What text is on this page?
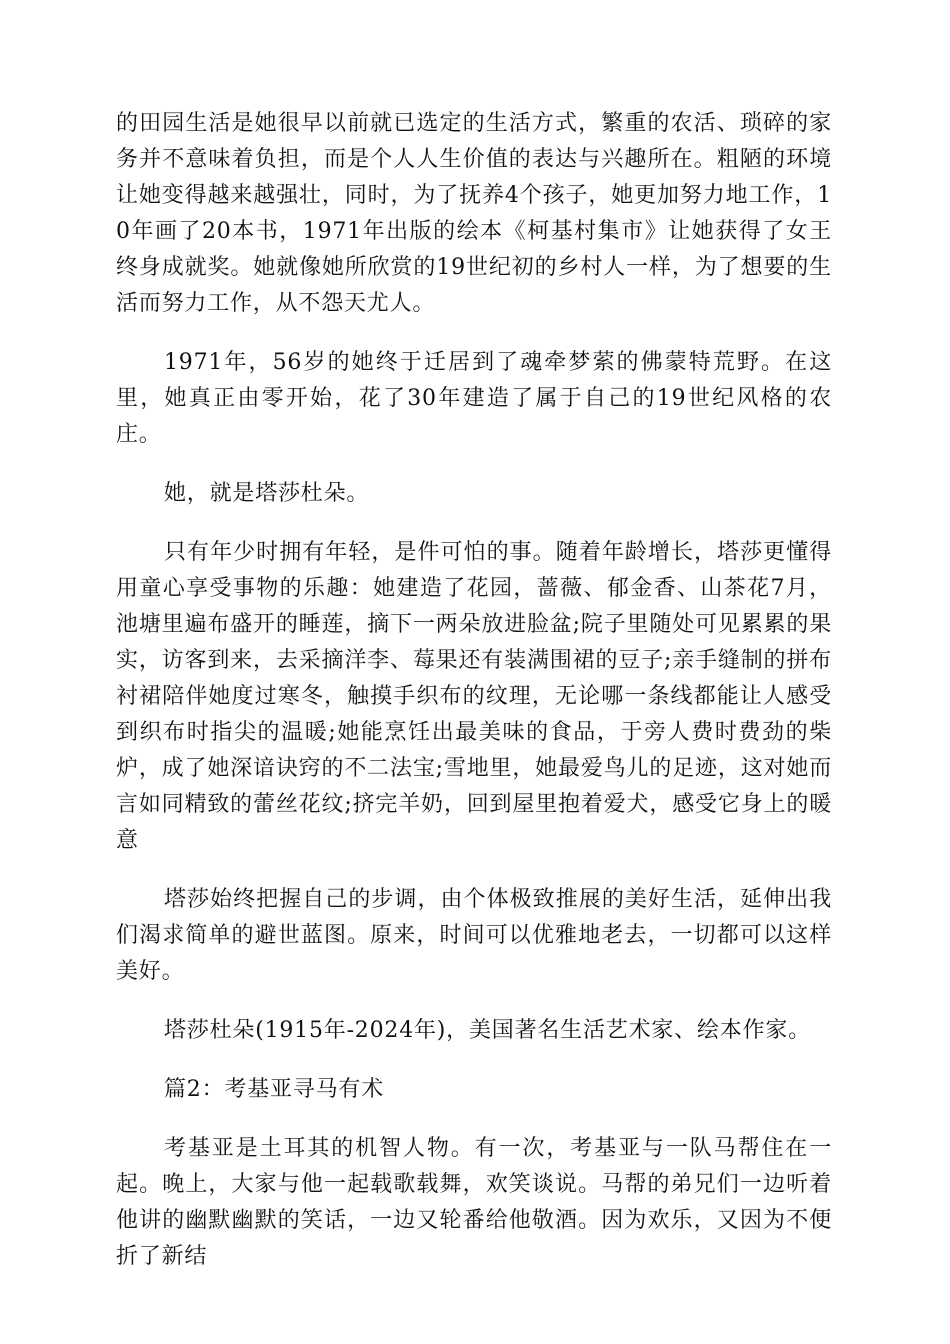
的田园生活是她很早以前就已选定的生活方式，繁重的农活、琐碎的家务并不意味着负担，而是个人人生价值的表达与兴趣所在。粗陋的环境让她变得越来越强壮，同时，为了抚养4个孩子，她更加努力地工作，10年画了20本书，1971年出版的绘本《柯基村集市》让她获得了女王终身成就奖。她就像她所欣赏的19世纪初的乡村人一样，为了想要的生活而努力工作，从不怨天尤人。

1971年，56岁的她终于迁居到了魂牵梦萦的佛蒙特荒野。在这里，她真正由零开始，花了30年建造了属于自己的19世纪风格的农庄。

她，就是塔莎杜朵。

只有年少时拥有年轻，是件可怕的事。随着年龄增长，塔莎更懂得用童心享受事物的乐趣：她建造了花园，蔷薇、郁金香、山茶花7月，池塘里遍布盛开的睡莲，摘下一两朵放进脸盆;院子里随处可见累累的果实，访客到来，去采摘洋李、莓果还有装满围裙的豆子;亲手缝制的拼布衬裙陪伴她度过寒冬，触摸手织布的纹理，无论哪一条线都能让人感受到织布时指尖的温暖;她能烹饪出最美味的食品，于旁人费时费劲的柴炉，成了她深谙诀窍的不二法宝;雪地里，她最爱鸟儿的足迹，这对她而言如同精致的蕾丝花纹;挤完羊奶，回到屋里抱着爱犬，感受它身上的暖意

塔莎始终把握自己的步调，由个体极致推展的美好生活，延伸出我们渴求简单的避世蓝图。原来，时间可以优雅地老去，一切都可以这样美好。

塔莎杜朵(1915年-2024年)，美国著名生活艺术家、绘本作家。

篇2：考基亚寻马有术

考基亚是土耳其的机智人物。有一次，考基亚与一队马帮住在一起。晚上，大家与他一起载歌载舞，欢笑谈说。马帮的弟兄们一边听着他讲的幽默幽默的笑话，一边又轮番给他敬酒。因为欢乐，又因为不便折了新结
